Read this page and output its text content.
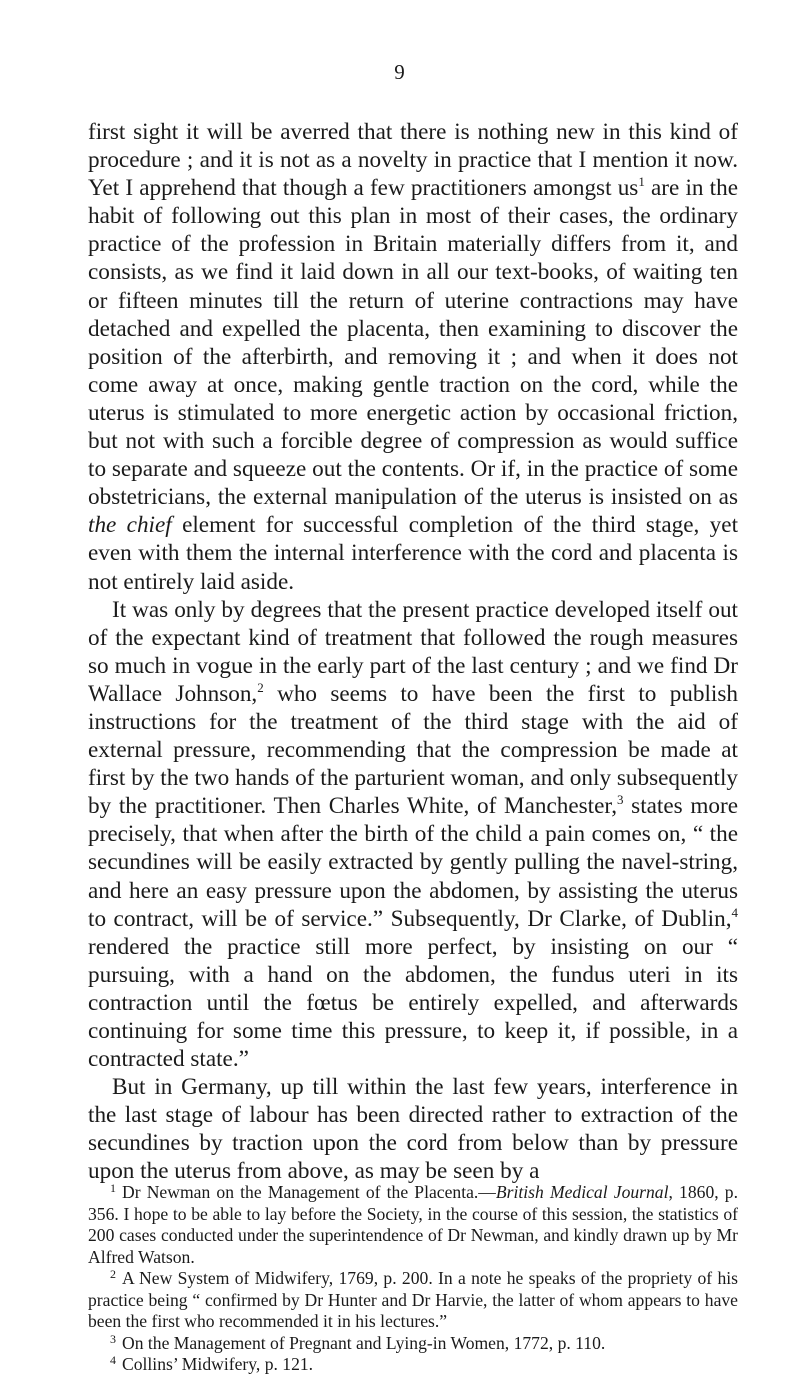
9

first sight it will be averred that there is nothing new in this kind of procedure ; and it is not as a novelty in practice that I mention it now. Yet I apprehend that though a few practitioners amongst $us^1$ are in the habit of following out this plan in most of their cases, the ordinary practice of the profession in Britain materially differs from it, and consists, as we find it laid down in all our text-books, of waiting ten or fifteen minutes till the return of uterine contractions may have detached and expelled the placenta, then examining to discover the position of the afterbirth, and removing it ; and when it does not come away at once, making gentle traction on the cord, while the uterus is stimulated to more energetic action by occasional friction, but not with such a forcible degree of compression as would suffice to separate and squeeze out the contents. Or if, in the practice of some obstetricians, the external manipulation of the uterus is insisted on as the chief element for successful completion of the third stage, yet even with them the internal interference with the cord and placenta is not entirely laid aside.

It was only by degrees that the present practice developed itself out of the expectant kind of treatment that followed the rough measures so much in vogue in the early part of the last century ; and we find Dr Wallace Johnson,$^2$ who seems to have been the first to publish instructions for the treatment of the third stage with the aid of external pressure, recommending that the compression be made at first by the two hands of the parturient woman, and only subsequently by the practitioner. Then Charles White, of Manchester,$^3$ states more precisely, that when after the birth of the child a pain comes on, “ the secundines will be easily extracted by gently pulling the navel-string, and here an easy pressure upon the abdomen, by assisting the uterus to contract, will be of service.” Subsequently, Dr Clarke, of Dublin,$^4$ rendered the practice still more perfect, by insisting on our “ pursuing, with a hand on the abdomen, the fundus uteri in its contraction until the fœtus be entirely expelled, and afterwards continuing for some time this pressure, to keep it, if possible, in a contracted state.”

But in Germany, up till within the last few years, interference in the last stage of labour has been directed rather to extraction of the secundines by traction upon the cord from below than by pressure upon the uterus from above, as may be seen by a

$^1$ Dr Newman on the Management of the Placenta.—British Medical Journal, 1860, p. 356. I hope to be able to lay before the Society, in the course of this session, the statistics of 200 cases conducted under the superintendence of Dr Newman, and kindly drawn up by Mr Alfred Watson.

$^2$ A New System of Midwifery, 1769, p. 200. In a note he speaks of the propriety of his practice being “ confirmed by Dr Hunter and Dr Harvie, the latter of whom appears to have been the first who recommended it in his lectures.”

$^3$ On the Management of Pregnant and Lying-in Women, 1772, p. 110.

$^4$ Collins’ Midwifery, p. 121.
